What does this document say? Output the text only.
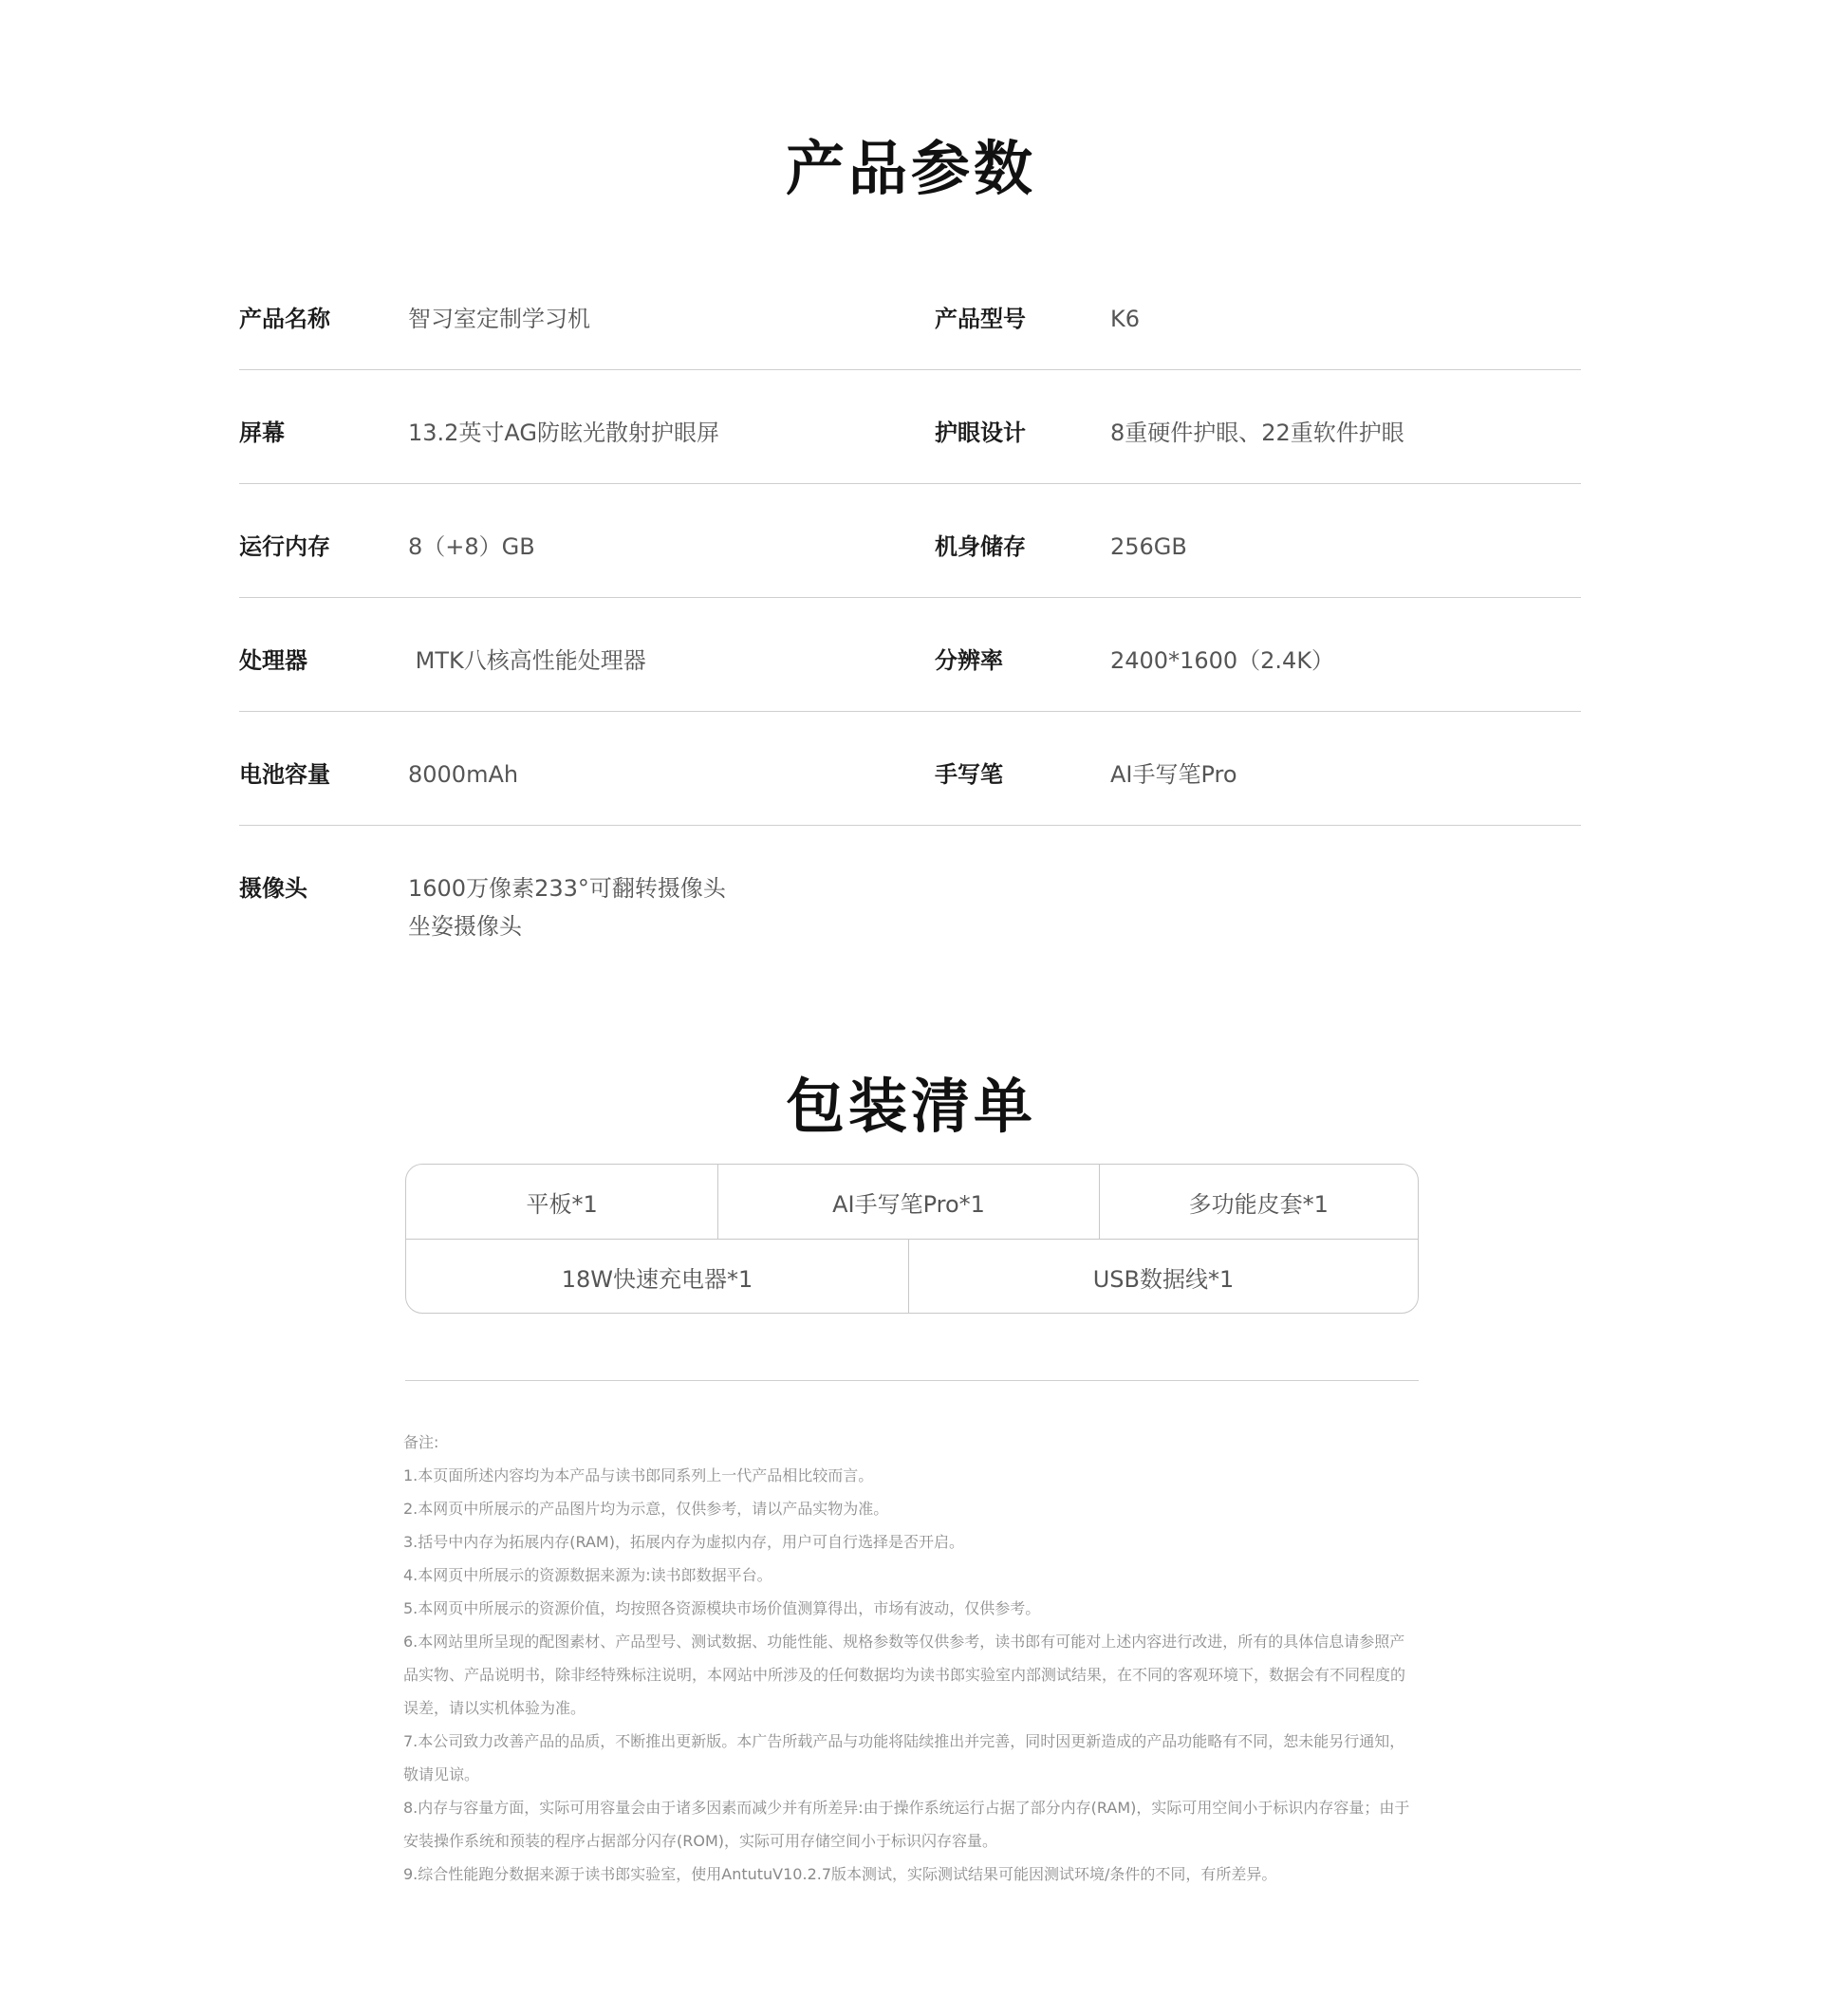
产品参数
产品名称	智习室定制学习机	产品型号	K6
屏幕	13.2英寸AG防眩光散射护眼屏	护眼设计	8重硬件护眼、22重软件护眼
运行内存	8（+8）GB	机身储存	256GB
处理器	MTK八核高性能处理器	分辨率	2400*1600（2.4K）
电池容量	8000mAh	手写笔	AI手写笔Pro
摄像头	1600万像素233°可翻转摄像头
坐姿摄像头
包装清单
平板*1	AI手写笔Pro*1	多功能皮套*1
18W快速充电器*1	USB数据线*1

备注:

1.本页面所述内容均为本产品与读书郎同系列上一代产品相比较而言。

2.本网页中所展示的产品图片均为示意，仅供参考，请以产品实物为准。

3.括号中内存为拓展内存(RAM)，拓展内存为虚拟内存，用户可自行选择是否开启。

4.本网页中所展示的资源数据来源为:读书郎数据平台。

5.本网页中所展示的资源价值，均按照各资源模块市场价值测算得出，市场有波动，仅供参考。

6.本网站里所呈现的配图素材、产品型号、测试数据、功能性能、规格参数等仅供参考，读书郎有可能对上述内容进行改进，所有的具体信息请参照产

品实物、产品说明书，除非经特殊标注说明，本网站中所涉及的任何数据均为读书郎实验室内部测试结果，在不同的客观环境下，数据会有不同程度的

误差，请以实机体验为准。

7.本公司致力改善产品的品质，不断推出更新版。本广告所载产品与功能将陆续推出并完善，同时因更新造成的产品功能略有不同，恕未能另行通知，

敬请见谅。

8.内存与容量方面，实际可用容量会由于诸多因素而减少并有所差异:由于操作系统运行占据了部分内存(RAM)，实际可用空间小于标识内存容量；由于

安装操作系统和预装的程序占据部分闪存(ROM)，实际可用存储空间小于标识闪存容量。

9.综合性能跑分数据来源于读书郎实验室，使用AntutuV10.2.7版本测试，实际测试结果可能因测试环境/条件的不同，有所差异。
